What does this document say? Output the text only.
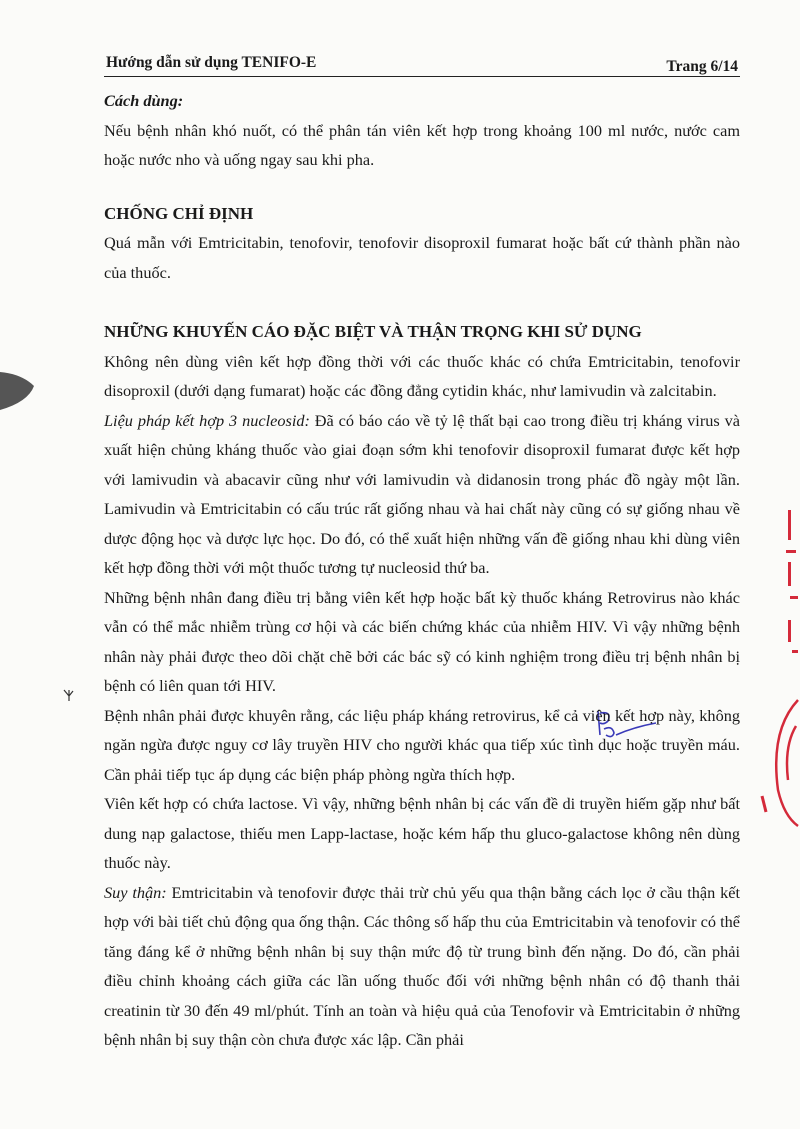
Hướng dẫn sử dụng TENIFO-E	Trang 6/14

Cách dùng:

Nếu bệnh nhân khó nuốt, có thể phân tán viên kết hợp trong khoảng 100 ml nước, nước cam hoặc nước nho và uống ngay sau khi pha.

CHỐNG CHỈ ĐỊNH

Quá mẫn với Emtricitabin, tenofovir, tenofovir disoproxil fumarat hoặc bất cứ thành phần nào của thuốc.

NHỮNG KHUYẾN CÁO ĐẶC BIỆT VÀ THẬN TRỌNG KHI SỬ DỤNG

Không nên dùng viên kết hợp đồng thời với các thuốc khác có chứa Emtricitabin, tenofovir disoproxil (dưới dạng fumarat) hoặc các đồng đẳng cytidin khác, như lamivudin và zalcitabin.

Liệu pháp kết hợp 3 nucleosid: Đã có báo cáo về tỷ lệ thất bại cao trong điều trị kháng virus và xuất hiện chủng kháng thuốc vào giai đoạn sớm khi tenofovir disoproxil fumarat được kết hợp với lamivudin và abacavir cũng như với lamivudin và didanosin trong phác đồ ngày một lần. Lamivudin và Emtricitabin có cấu trúc rất giống nhau và hai chất này cũng có sự giống nhau về dược động học và dược lực học. Do đó, có thể xuất hiện những vấn đề giống nhau khi dùng viên kết hợp đồng thời với một thuốc tương tự nucleosid thứ ba.

Những bệnh nhân đang điều trị bằng viên kết hợp hoặc bất kỳ thuốc kháng Retrovirus nào khác vẫn có thể mắc nhiễm trùng cơ hội và các biến chứng khác của nhiễm HIV. Vì vậy những bệnh nhân này phải được theo dõi chặt chẽ bởi các bác sỹ có kinh nghiệm trong điều trị bệnh nhân bị bệnh có liên quan tới HIV.

Bệnh nhân phải được khuyên rằng, các liệu pháp kháng retrovirus, kể cả viên kết hợp này, không ngăn ngừa được nguy cơ lây truyền HIV cho người khác qua tiếp xúc tình dục hoặc truyền máu. Cần phải tiếp tục áp dụng các biện pháp phòng ngừa thích hợp.

Viên kết hợp có chứa lactose. Vì vậy, những bệnh nhân bị các vấn đề di truyền hiếm gặp như bất dung nạp galactose, thiếu men Lapp-lactase, hoặc kém hấp thu gluco-galactose không nên dùng thuốc này.

Suy thận: Emtricitabin và tenofovir được thải trừ chủ yếu qua thận bằng cách lọc ở cầu thận kết hợp với bài tiết chủ động qua ống thận. Các thông số hấp thu của Emtricitabin và tenofovir có thể tăng đáng kể ở những bệnh nhân bị suy thận mức độ từ trung bình đến nặng. Do đó, cần phải điều chỉnh khoảng cách giữa các lần uống thuốc đối với những bệnh nhân có độ thanh thải creatinin từ 30 đến 49 ml/phút. Tính an toàn và hiệu quả của Tenofovir và Emtricitabin ở những bệnh nhân bị suy thận còn chưa được xác lập. Cần phải
